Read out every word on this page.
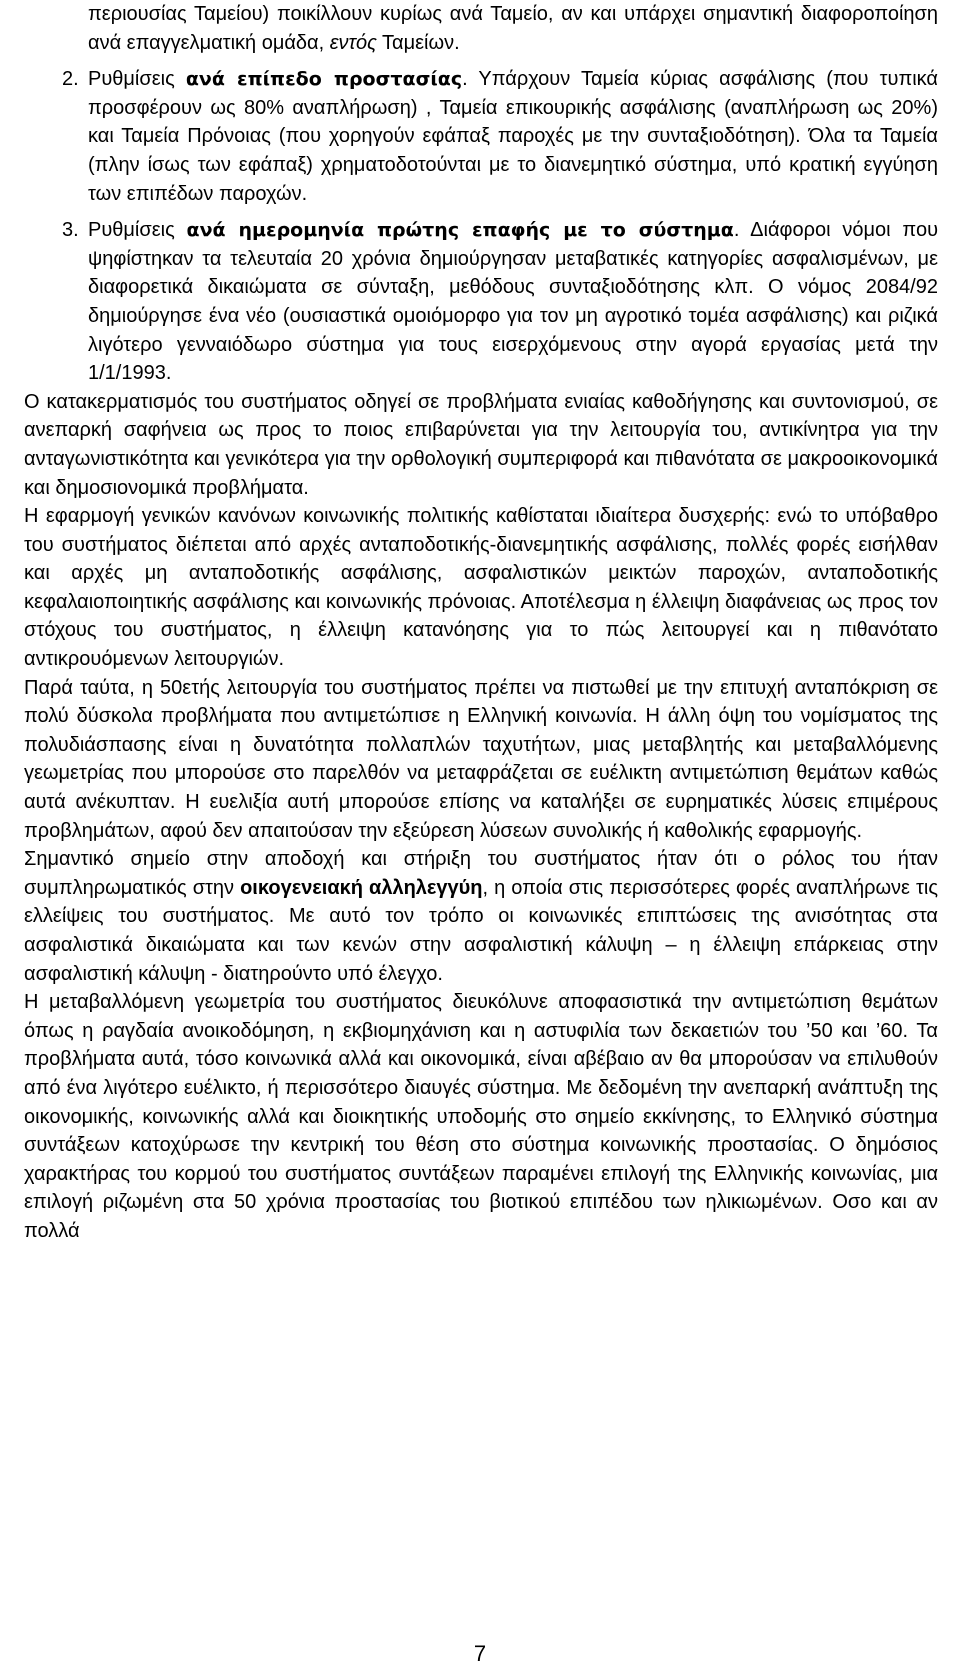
περιουσίας Ταμείου) ποικίλλουν κυρίως ανά Ταμείο, αν και υπάρχει σημαντική διαφοροποίηση ανά επαγγελματική ομάδα, εντός Ταμείων.
2. Ρυθμίσεις ανά επίπεδο προστασίας. Υπάρχουν Ταμεία κύριας ασφάλισης (που τυπικά προσφέρουν ως 80% αναπλήρωση) , Ταμεία επικουρικής ασφάλισης (αναπλήρωση ως 20%) και Ταμεία Πρόνοιας (που χορηγούν εφάπαξ παροχές με την συνταξιοδότηση). Όλα τα Ταμεία (πλην ίσως των εφάπαξ) χρηματοδοτούνται με το διανεμητικό σύστημα, υπό κρατική εγγύηση των επιπέδων παροχών.
3. Ρυθμίσεις ανά ημερομηνία πρώτης επαφής με το σύστημα. Διάφοροι νόμοι που ψηφίστηκαν τα τελευταία 20 χρόνια δημιούργησαν μεταβατικές κατηγορίες ασφαλισμένων, με διαφορετικά δικαιώματα σε σύνταξη, μεθόδους συνταξιοδότησης κλπ. Ο νόμος 2084/92 δημιούργησε ένα νέο (ουσιαστικά ομοιόμορφο για τον μη αγροτικό τομέα ασφάλισης) και ριζικά λιγότερο γενναιόδωρο σύστημα για τους εισερχόμενους στην αγορά εργασίας μετά την 1/1/1993.

Ο κατακερματισμός του συστήματος οδηγεί σε προβλήματα ενιαίας καθοδήγησης και συντονισμού, σε ανεπαρκή σαφήνεια ως προς το ποιος επιβαρύνεται για την λειτουργία του, αντικίνητρα για την ανταγωνιστικότητα και γενικότερα για την ορθολογική συμπεριφορά και πιθανότατα σε μακροοικονομικά και δημοσιονομικά προβλήματα.

Η εφαρμογή γενικών κανόνων κοινωνικής πολιτικής καθίσταται ιδιαίτερα δυσχερής: ενώ το υπόβαθρο του συστήματος διέπεται από αρχές ανταποδοτικής-διανεμητικής ασφάλισης, πολλές φορές εισήλθαν και αρχές μη ανταποδοτικής ασφάλισης, ασφαλιστικών μεικτών παροχών, ανταποδοτικής κεφαλαιοποιητικής ασφάλισης και κοινωνικής πρόνοιας. Αποτέλεσμα η έλλειψη διαφάνειας ως προς τον στόχους του συστήματος, η έλλειψη κατανόησης για το πώς λειτουργεί και η πιθανότατο αντικρουόμενων λειτουργιών.

Παρά ταύτα, η 50ετής λειτουργία του συστήματος πρέπει να πιστωθεί με την επιτυχή ανταπόκριση σε πολύ δύσκολα προβλήματα που αντιμετώπισε η Ελληνική κοινωνία. Η άλλη όψη του νομίσματος της πολυδιάσπασης είναι η δυνατότητα πολλαπλών ταχυτήτων, μιας μεταβλητής και μεταβαλλόμενης γεωμετρίας που μπορούσε στο παρελθόν να μεταφράζεται σε ευέλικτη αντιμετώπιση θεμάτων καθώς αυτά ανέκυπταν. Η ευελιξία αυτή μπορούσε επίσης να καταλήξει σε ευρηματικές λύσεις επιμέρους προβλημάτων, αφού δεν απαιτούσαν την εξεύρεση λύσεων συνολικής ή καθολικής εφαρμογής.

Σημαντικό σημείο στην αποδοχή και στήριξη του συστήματος ήταν ότι ο ρόλος του ήταν συμπληρωματικός στην οικογενειακή αλληλεγγύη, η οποία στις περισσότερες φορές αναπλήρωνε τις ελλείψεις του συστήματος. Με αυτό τον τρόπο οι κοινωνικές επιπτώσεις της ανισότητας στα ασφαλιστικά δικαιώματα και των κενών στην ασφαλιστική κάλυψη – η έλλειψη επάρκειας στην ασφαλιστική κάλυψη - διατηρούντο υπό έλεγχο.

Η μεταβαλλόμενη γεωμετρία του συστήματος διευκόλυνε αποφασιστικά την αντιμετώπιση θεμάτων όπως η ραγδαία ανοικοδόμηση, η εκβιομηχάνιση και η αστυφιλία των δεκαετιών του ’50 και ’60. Τα προβλήματα αυτά, τόσο κοινωνικά αλλά και οικονομικά, είναι αβέβαιο αν θα μπορούσαν να επιλυθούν από ένα λιγότερο ευέλικτο, ή περισσότερο διαυγές σύστημα. Με δεδομένη την ανεπαρκή ανάπτυξη της οικονομικής, κοινωνικής αλλά και διοικητικής υποδομής στο σημείο εκκίνησης, το Ελληνικό σύστημα συντάξεων κατοχύρωσε την κεντρική του θέση στο σύστημα κοινωνικής προστασίας. Ο δημόσιος χαρακτήρας του κορμού του συστήματος συντάξεων παραμένει επιλογή της Ελληνικής κοινωνίας, μια επιλογή ριζωμένη στα 50 χρόνια προστασίας του βιοτικού επιπέδου των ηλικιωμένων. Οσο και αν πολλά

7
